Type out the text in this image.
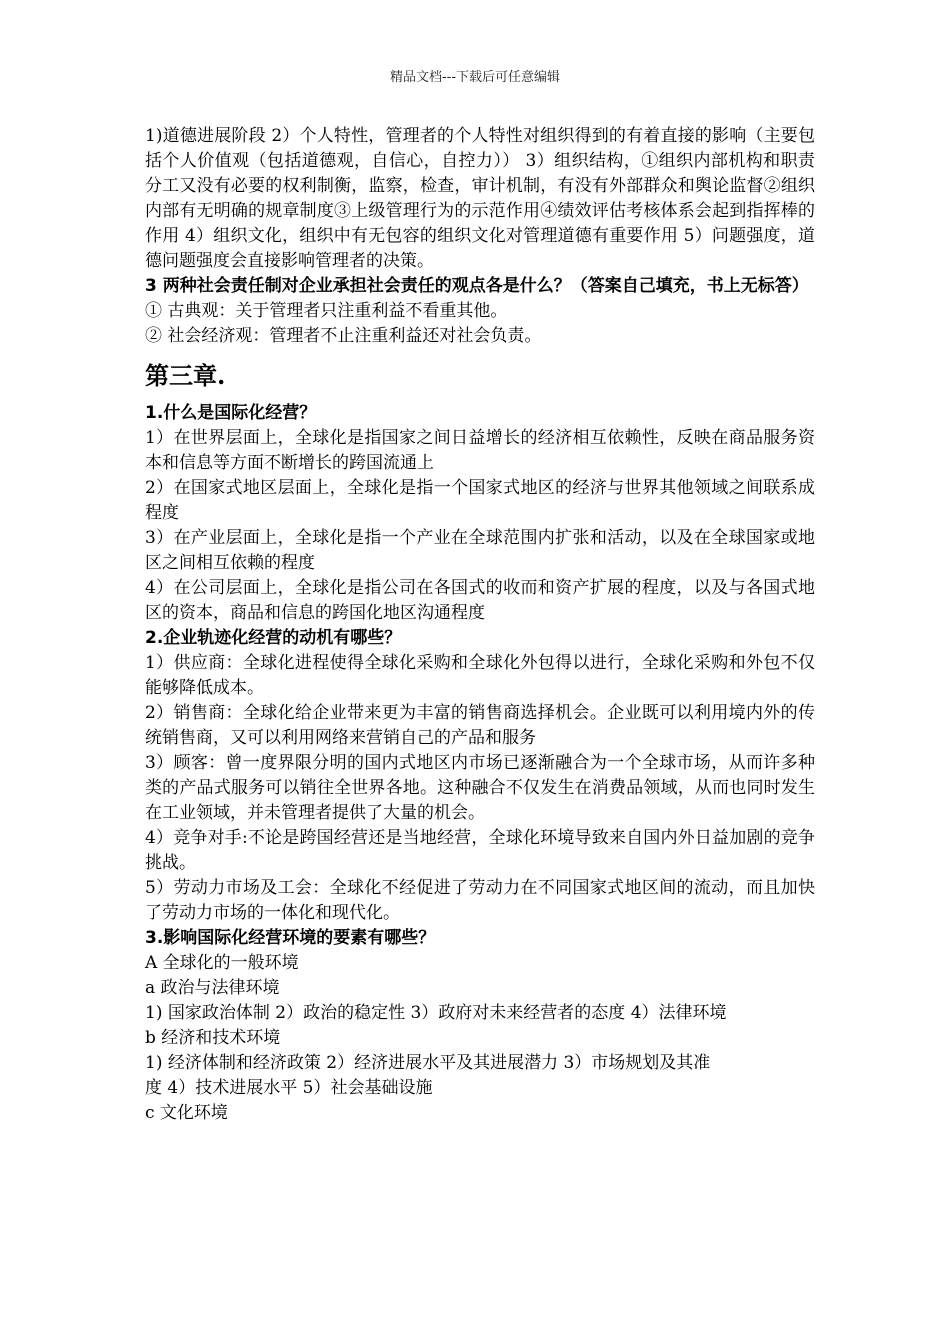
精品文档---下载后可任意编辑

1)道德进展阶段 2）个人特性，管理者的个人特性对组织得到的有着直接的影响（主要包括个人价值观（包括道德观，自信心，自控力）） 3）组织结构，①组织内部机构和职责分工又没有必要的权利制衡，监察，检查，审计机制，有没有外部群众和舆论监督②组织内部有无明确的规章制度③上级管理行为的示范作用④绩效评估考核体系会起到指挥棒的作用 4）组织文化，组织中有无包容的组织文化对管理道德有重要作用 5）问题强度，道德问题强度会直接影响管理者的决策。

3 两种社会责任制对企业承担社会责任的观点各是什么？（答案自己填充，书上无标答）

① 古典观：关于管理者只注重利益不看重其他。

② 社会经济观：管理者不止注重利益还对社会负责。

第三章.

1.什么是国际化经营？

1）在世界层面上，全球化是指国家之间日益增长的经济相互依赖性，反映在商品服务资本和信息等方面不断增长的跨国流通上

2）在国家式地区层面上，全球化是指一个国家式地区的经济与世界其他领域之间联系成程度

3）在产业层面上，全球化是指一个产业在全球范围内扩张和活动，以及在全球国家或地区之间相互依赖的程度

4）在公司层面上，全球化是指公司在各国式的收而和资产扩展的程度，以及与各国式地区的资本，商品和信息的跨国化地区沟通程度

2.企业轨迹化经营的动机有哪些？

1）供应商：全球化进程使得全球化采购和全球化外包得以进行，全球化采购和外包不仅能够降低成本。

2）销售商：全球化给企业带来更为丰富的销售商选择机会。企业既可以利用境内外的传统销售商，又可以利用网络来营销自己的产品和服务

3）顾客：曾一度界限分明的国内式地区内市场已逐渐融合为一个全球市场，从而许多种类的产品式服务可以销往全世界各地。这种融合不仅发生在消费品领域，从而也同时发生在工业领域，并未管理者提供了大量的机会。

4）竞争对手:不论是跨国经营还是当地经营，全球化环境导致来自国内外日益加剧的竞争挑战。

5）劳动力市场及工会：全球化不经促进了劳动力在不同国家式地区间的流动，而且加快了劳动力市场的一体化和现代化。

3.影响国际化经营环境的要素有哪些？

A 全球化的一般环境

a 政治与法律环境

1) 国家政治体制 2）政治的稳定性 3）政府对未来经营者的态度 4）法律环境

b 经济和技术环境

1) 经济体制和经济政策 2）经济进展水平及其进展潜力 3）市场规划及其准

度 4）技术进展水平 5）社会基础设施

c 文化环境
